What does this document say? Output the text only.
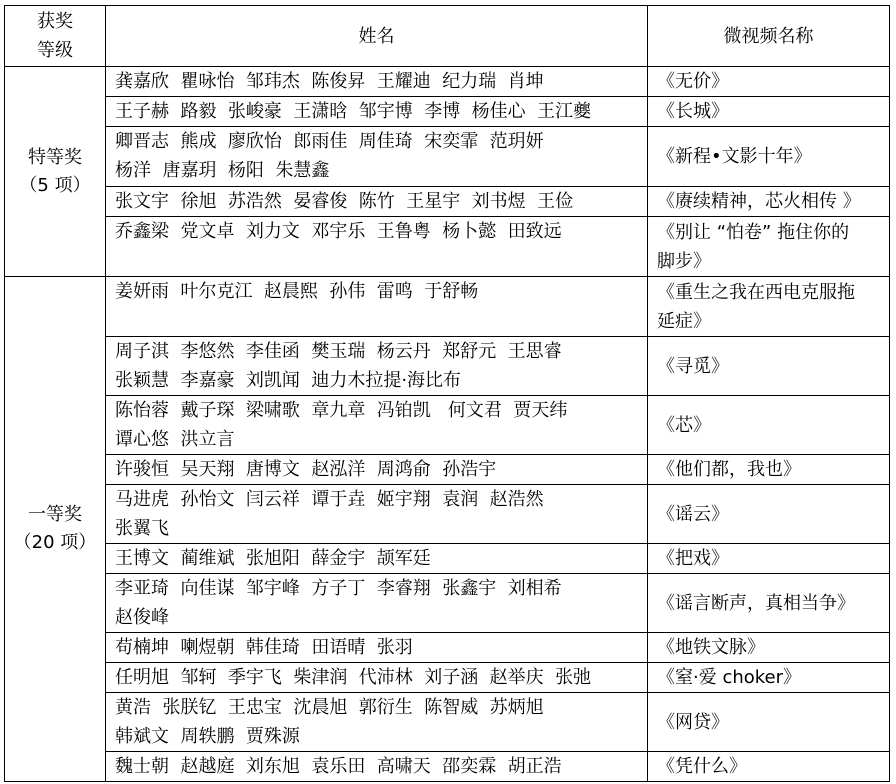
获奖
等级	姓名	微视频名称

特等奖
（5 项）	龚嘉欣  瞿咏怡  邹玮杰  陈俊昇  王耀迪  纪力瑞  肖坤	《无价》

	王子赫  路毅  张峻豪  王潇晗  邹宇博  李博  杨佳心  王江夔	《长城》

	卿晋志  熊成  廖欣怡  郎雨佳  周佳琦  宋奕霏  范玥妍
杨洋  唐嘉玥  杨阳  朱慧鑫	《新程•文影十年》

	张文宇  徐旭  苏浩然  晏睿俊  陈竹  王星宇  刘书煜  王俭	《赓续精神，芯火相传 》

	乔鑫梁  党文卓  刘力文  邓宇乐  王鲁粤  杨卜懿  田致远	《别让 “怕卷” 拖住你的
脚步》

一等奖
（20 项）	姜妍雨  叶尔克江  赵晨熙  孙伟  雷鸣  于舒畅	《重生之我在西电克服拖
延症》

	周子淇  李悠然  李佳函  樊玉瑞  杨云丹  郑舒元  王思睿
张颖慧  李嘉豪  刘凯闻  迪力木拉提·海比布	《寻觅》

	陈怡蓉  戴子琛  梁啸歌  章九章  冯铂凯   何文君  贾天纬
谭心悠  洪立言	《芯》

	许骏恒  吴天翔  唐博文  赵泓洋  周鸿俞  孙浩宇	《他们都，我也》

	马进虎  孙怡文  闫云祥  谭于垚  姬宇翔  袁润  赵浩然
张翼飞	《谣云》

	王博文  蔺维斌  张旭阳  薛金宇  颉军廷	《把戏》

	李亚琦  向佳谋  邹宇峰  方子丁  李睿翔  张鑫宇  刘相希
赵俊峰	《谣言断声，真相当争》

	苟楠坤  喇煜朝  韩佳琦  田语晴  张羽	《地铁文脉》

	任明旭  邹轲  季宇飞  柴津润  代沛林  刘子涵  赵举庆  张弛	《窒·爱 choker》

	黄浩  张朕钇  王忠宝  沈晨旭  郭衍生  陈智威  苏炳旭
韩斌文  周轶鹏  贾殊源	《网贷》

	魏士朝  赵越庭  刘东旭  袁乐田  高啸天  邵奕霖  胡正浩	《凭什么》
